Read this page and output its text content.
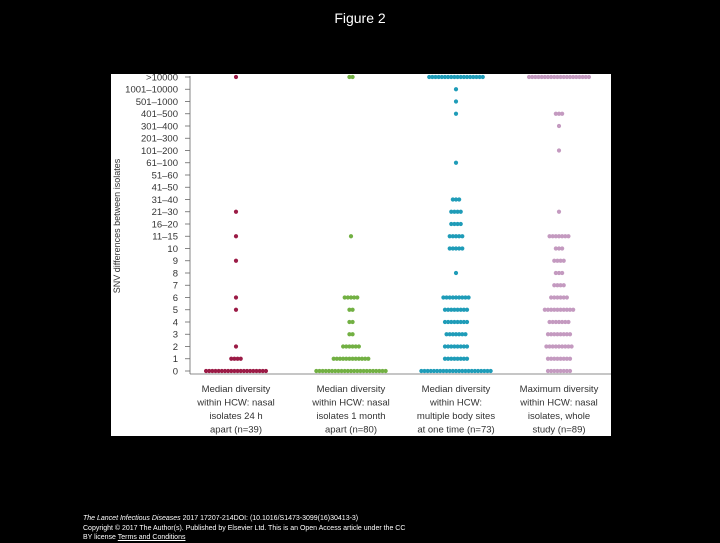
Figure 2
SNV differences between isolates
0
1
2
3
4
5
6
7
8
9
10
11–15
16–20
21–30
31–40
41–50
51–60
61–100
101–200
201–300
301–400
401–500
501–1000
1001–10000
>10000
Median diversity
within HCW: nasal
isolates 24 h
apart (n=39)
Median diversity
within HCW: nasal
isolates 1 month
apart (n=80)
Median diversity
within HCW:
multiple body sites
at one time (n=73)
Maximum diversity
within HCW: nasal
isolates, whole
study (n=89)
The Lancet Infectious Diseases 2017 17207-214DOI: (10.1016/S1473-3099(16)30413-3)
Copyright © 2017 The Author(s). Published by Elsevier Ltd. This is an Open Access article under the CC
BY license Terms and Conditions
